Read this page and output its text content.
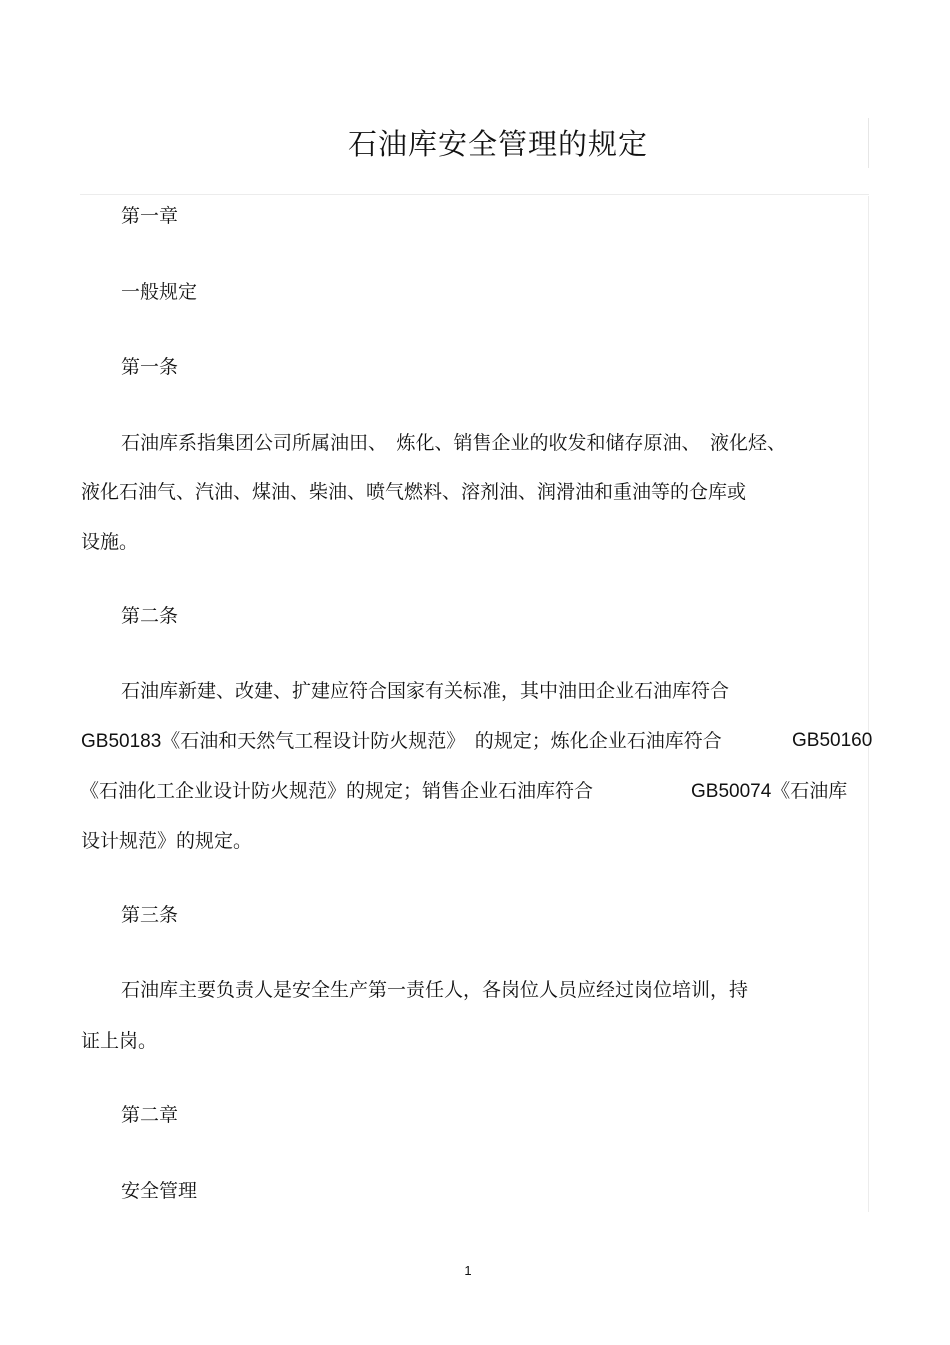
石油库安全管理的规定
第一章
一般规定
第一条
石油库系指集团公司所属油田、　炼化、销售企业的收发和储存原油、　液化烃、
液化石油气、汽油、煤油、柴油、喷气燃料、溶剂油、润滑油和重油等的仓库或
设施。
第二条
石油库新建、改建、扩建应符合国家有关标准，其中油田企业石油库符合
GB50183《石油和天然气工程设计防火规范》　的规定；炼化企业石油库符合	GB50160
《石油化工企业设计防火规范》的规定；销售企业石油库符合	GB50074《石油库
设计规范》的规定。
第三条
石油库主要负责人是安全生产第一责任人，各岗位人员应经过岗位培训，持
证上岗。
第二章
安全管理
1
